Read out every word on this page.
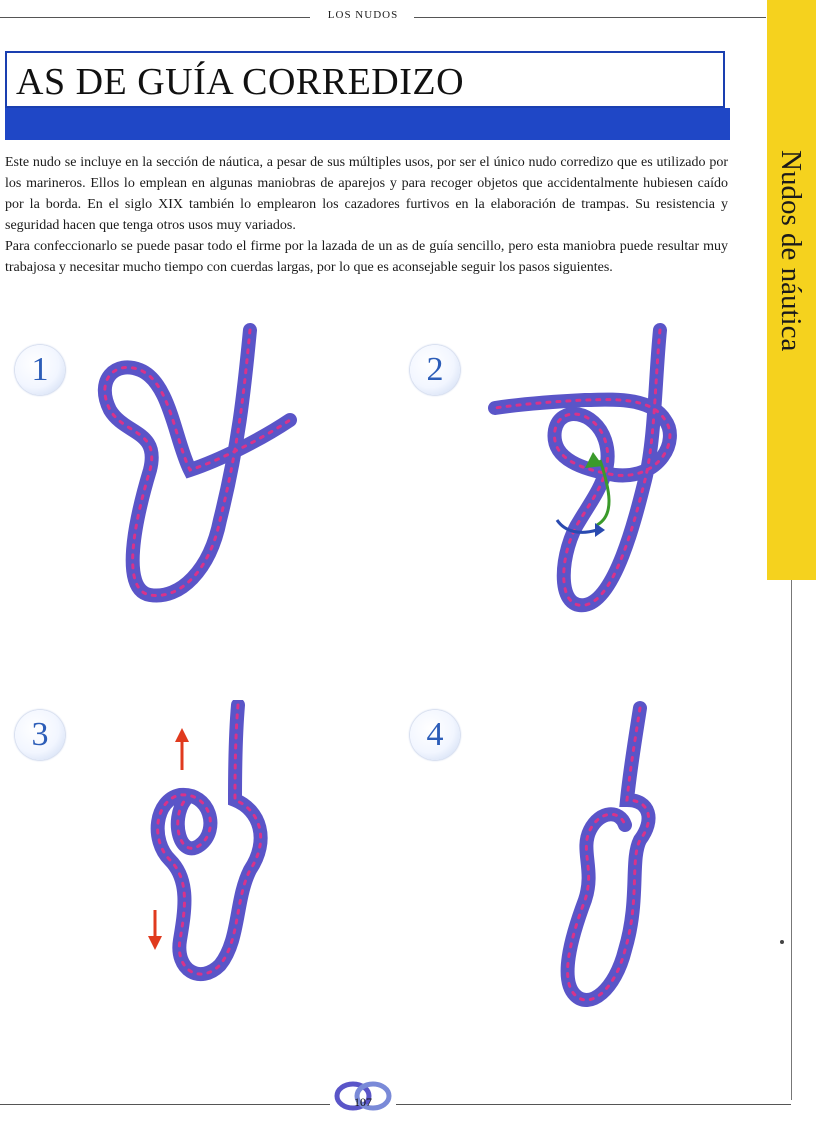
LOS NUDOS
Nudos de náutica
AS DE GUÍA CORREDIZO

Este nudo se incluye en la sección de náutica, a pesar de sus múltiples usos, por ser el único nudo corredizo que es utilizado por los marineros. Ellos lo emplean en algunas maniobras de aparejos y para recoger objetos que accidentalmente hubiesen caído por la borda. En el siglo XIX también lo emplearon los cazadores furtivos en la elaboración de trampas. Su resistencia y seguridad hacen que tenga otros usos muy variados.

Para confeccionarlo se puede pasar todo el firme por la lazada de un as de guía sencillo, pero esta maniobra puede resultar muy trabajosa y necesitar mucho tiempo con cuerdas largas, por lo que es aconsejable seguir los pasos siguientes.

1	2
3	4
107
